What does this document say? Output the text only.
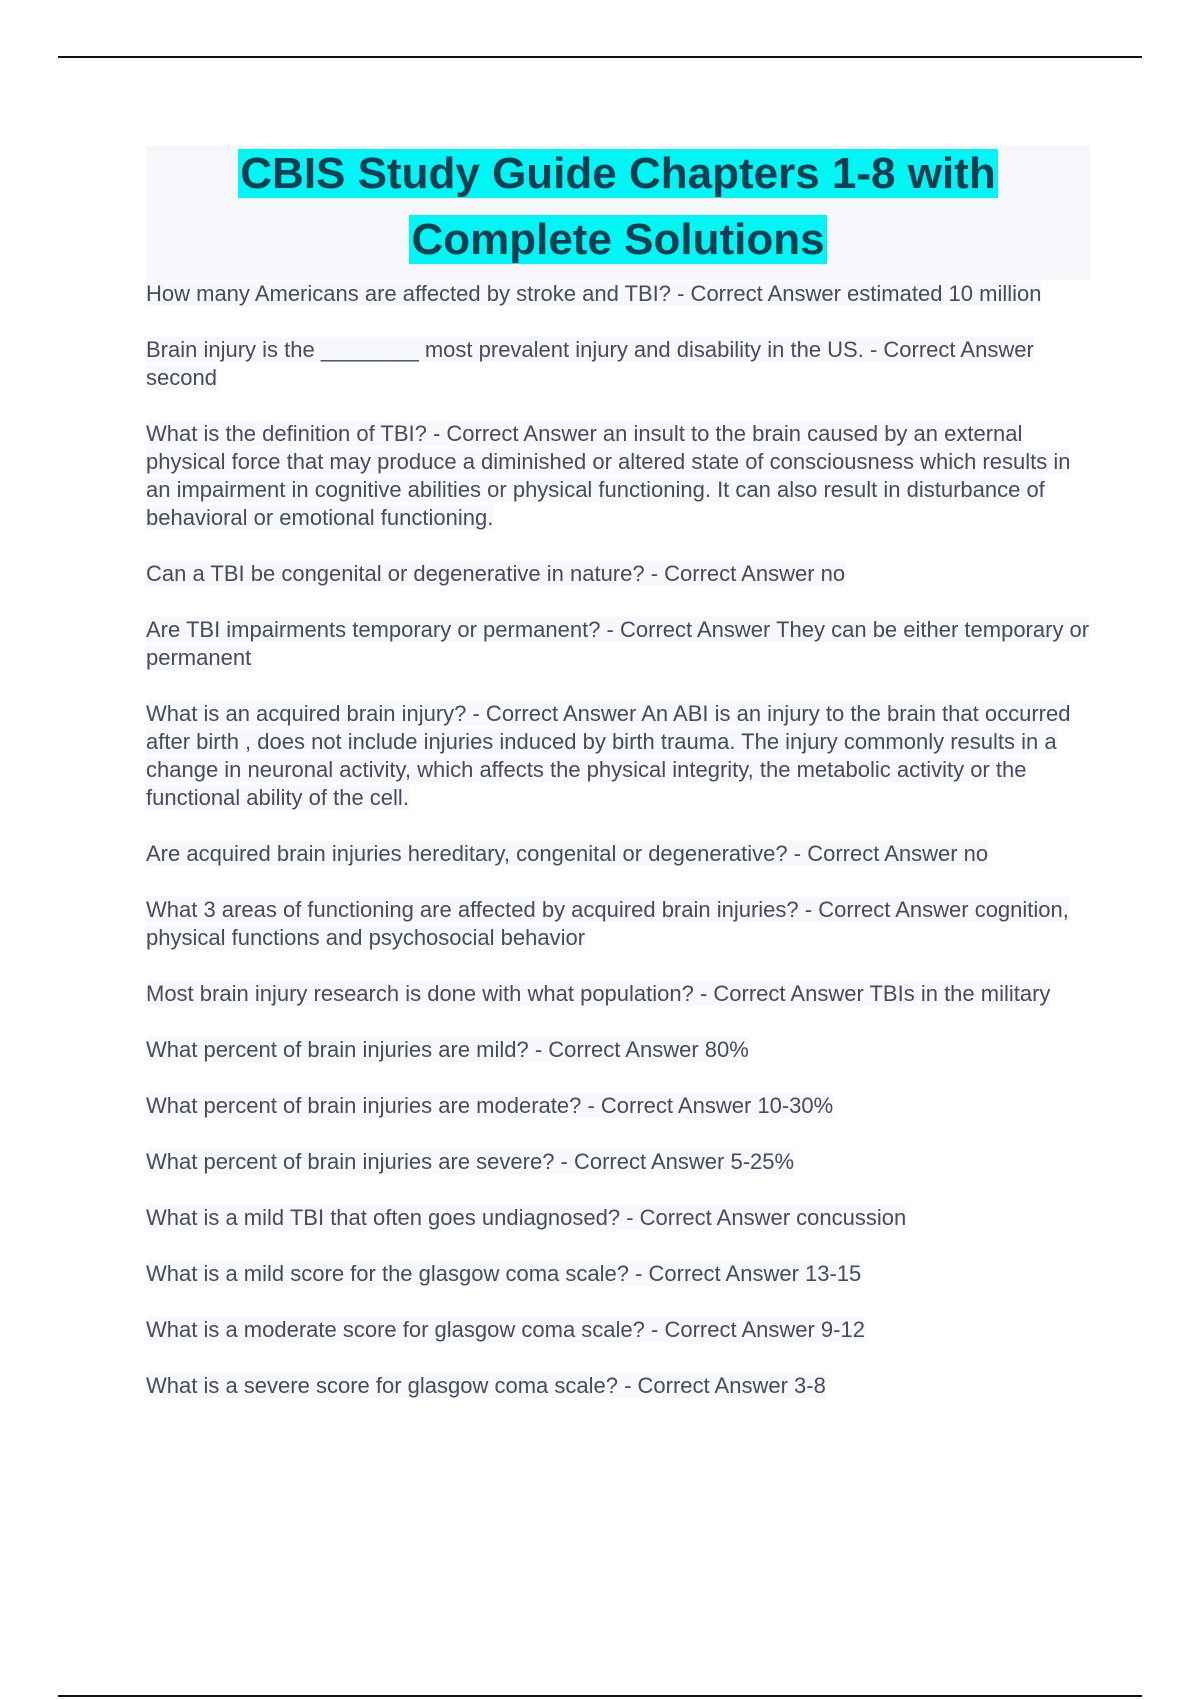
CBIS Study Guide Chapters 1-8 with Complete Solutions
How many Americans are affected by stroke and TBI? - Correct Answer estimated 10 million
Brain injury is the ________ most prevalent injury and disability in the US. - Correct Answer second
What is the definition of TBI? - Correct Answer an insult to the brain caused by an external physical force that may produce a diminished or altered state of consciousness which results in an impairment in cognitive abilities or physical functioning. It can also result in disturbance of behavioral or emotional functioning.
Can a TBI be congenital or degenerative in nature? - Correct Answer no
Are TBI impairments temporary or permanent? - Correct Answer They can be either temporary or permanent
What is an acquired brain injury? - Correct Answer An ABI is an injury to the brain that occurred after birth , does not include injuries induced by birth trauma. The injury commonly results in a change in neuronal activity, which affects the physical integrity, the metabolic activity or the functional ability of the cell.
Are acquired brain injuries hereditary, congenital or degenerative? - Correct Answer no
What 3 areas of functioning are affected by acquired brain injuries? - Correct Answer cognition, physical functions and psychosocial behavior
Most brain injury research is done with what population? - Correct Answer TBIs in the military
What percent of brain injuries are mild? - Correct Answer 80%
What percent of brain injuries are moderate? - Correct Answer 10-30%
What percent of brain injuries are severe? - Correct Answer 5-25%
What is a mild TBI that often goes undiagnosed? - Correct Answer concussion
What is a mild score for the glasgow coma scale? - Correct Answer 13-15
What is a moderate score for glasgow coma scale? - Correct Answer 9-12
What is a severe score for glasgow coma scale? - Correct Answer 3-8
